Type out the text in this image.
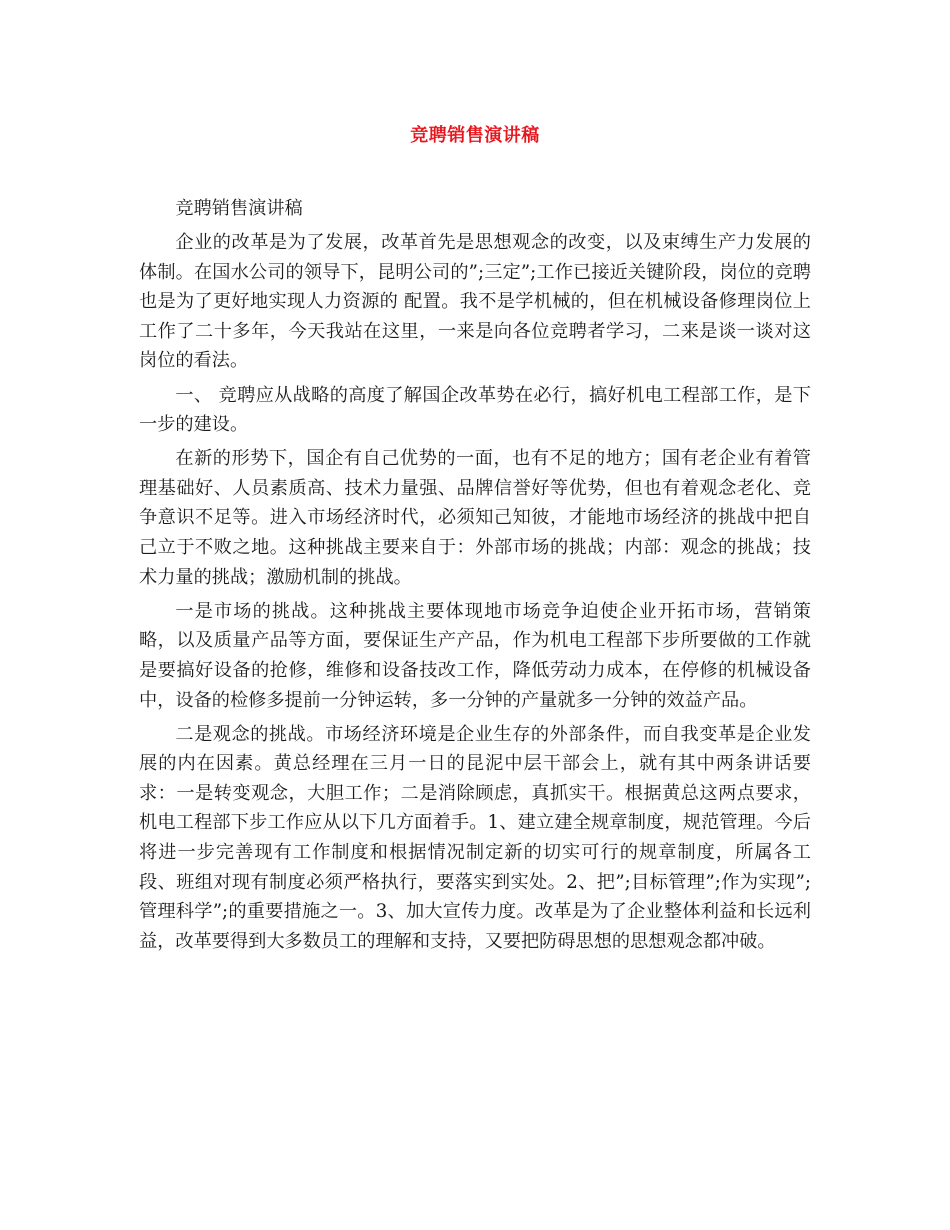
竞聘销售演讲稿

竞聘销售演讲稿

企业的改革是为了发展，改革首先是思想观念的改变，以及束缚生产力发展的体制。在国水公司的领导下，昆明公司的”;三定”;工作已接近关键阶段，岗位的竞聘也是为了更好地实现人力资源的 配置。我不是学机械的，但在机械设备修理岗位上工作了二十多年，今天我站在这里，一来是向各位竞聘者学习，二来是谈一谈对这岗位的看法。

一、 竞聘应从战略的高度了解国企改革势在必行，搞好机电工程部工作，是下一步的建设。

在新的形势下，国企有自己优势的一面，也有不足的地方；国有老企业有着管理基础好、人员素质高、技术力量强、品牌信誉好等优势，但也有着观念老化、竞争意识不足等。进入市场经济时代，必须知己知彼，才能地市场经济的挑战中把自己立于不败之地。这种挑战主要来自于：外部市场的挑战；内部：观念的挑战；技术力量的挑战；激励机制的挑战。

一是市场的挑战。这种挑战主要体现地市场竞争迫使企业开拓市场，营销策略，以及质量产品等方面，要保证生产产品，作为机电工程部下步所要做的工作就是要搞好设备的抢修，维修和设备技改工作，降低劳动力成本，在停修的机械设备中，设备的检修多提前一分钟运转，多一分钟的产量就多一分钟的效益产品。

二是观念的挑战。市场经济环境是企业生存的外部条件，而自我变革是企业发展的内在因素。黄总经理在三月一日的昆泥中层干部会上，就有其中两条讲话要求：一是转变观念，大胆工作；二是消除顾虑，真抓实干。根据黄总这两点要求，机电工程部下步工作应从以下几方面着手。1、建立建全规章制度，规范管理。今后将进一步完善现有工作制度和根据情况制定新的切实可行的规章制度，所属各工段、班组对现有制度必须严格执行，要落实到实处。2、把”;目标管理”;作为实现”;管理科学”;的重要措施之一。3、加大宣传力度。改革是为了企业整体利益和长远利益，改革要得到大多数员工的理解和支持，又要把防碍思想的思想观念都冲破。
